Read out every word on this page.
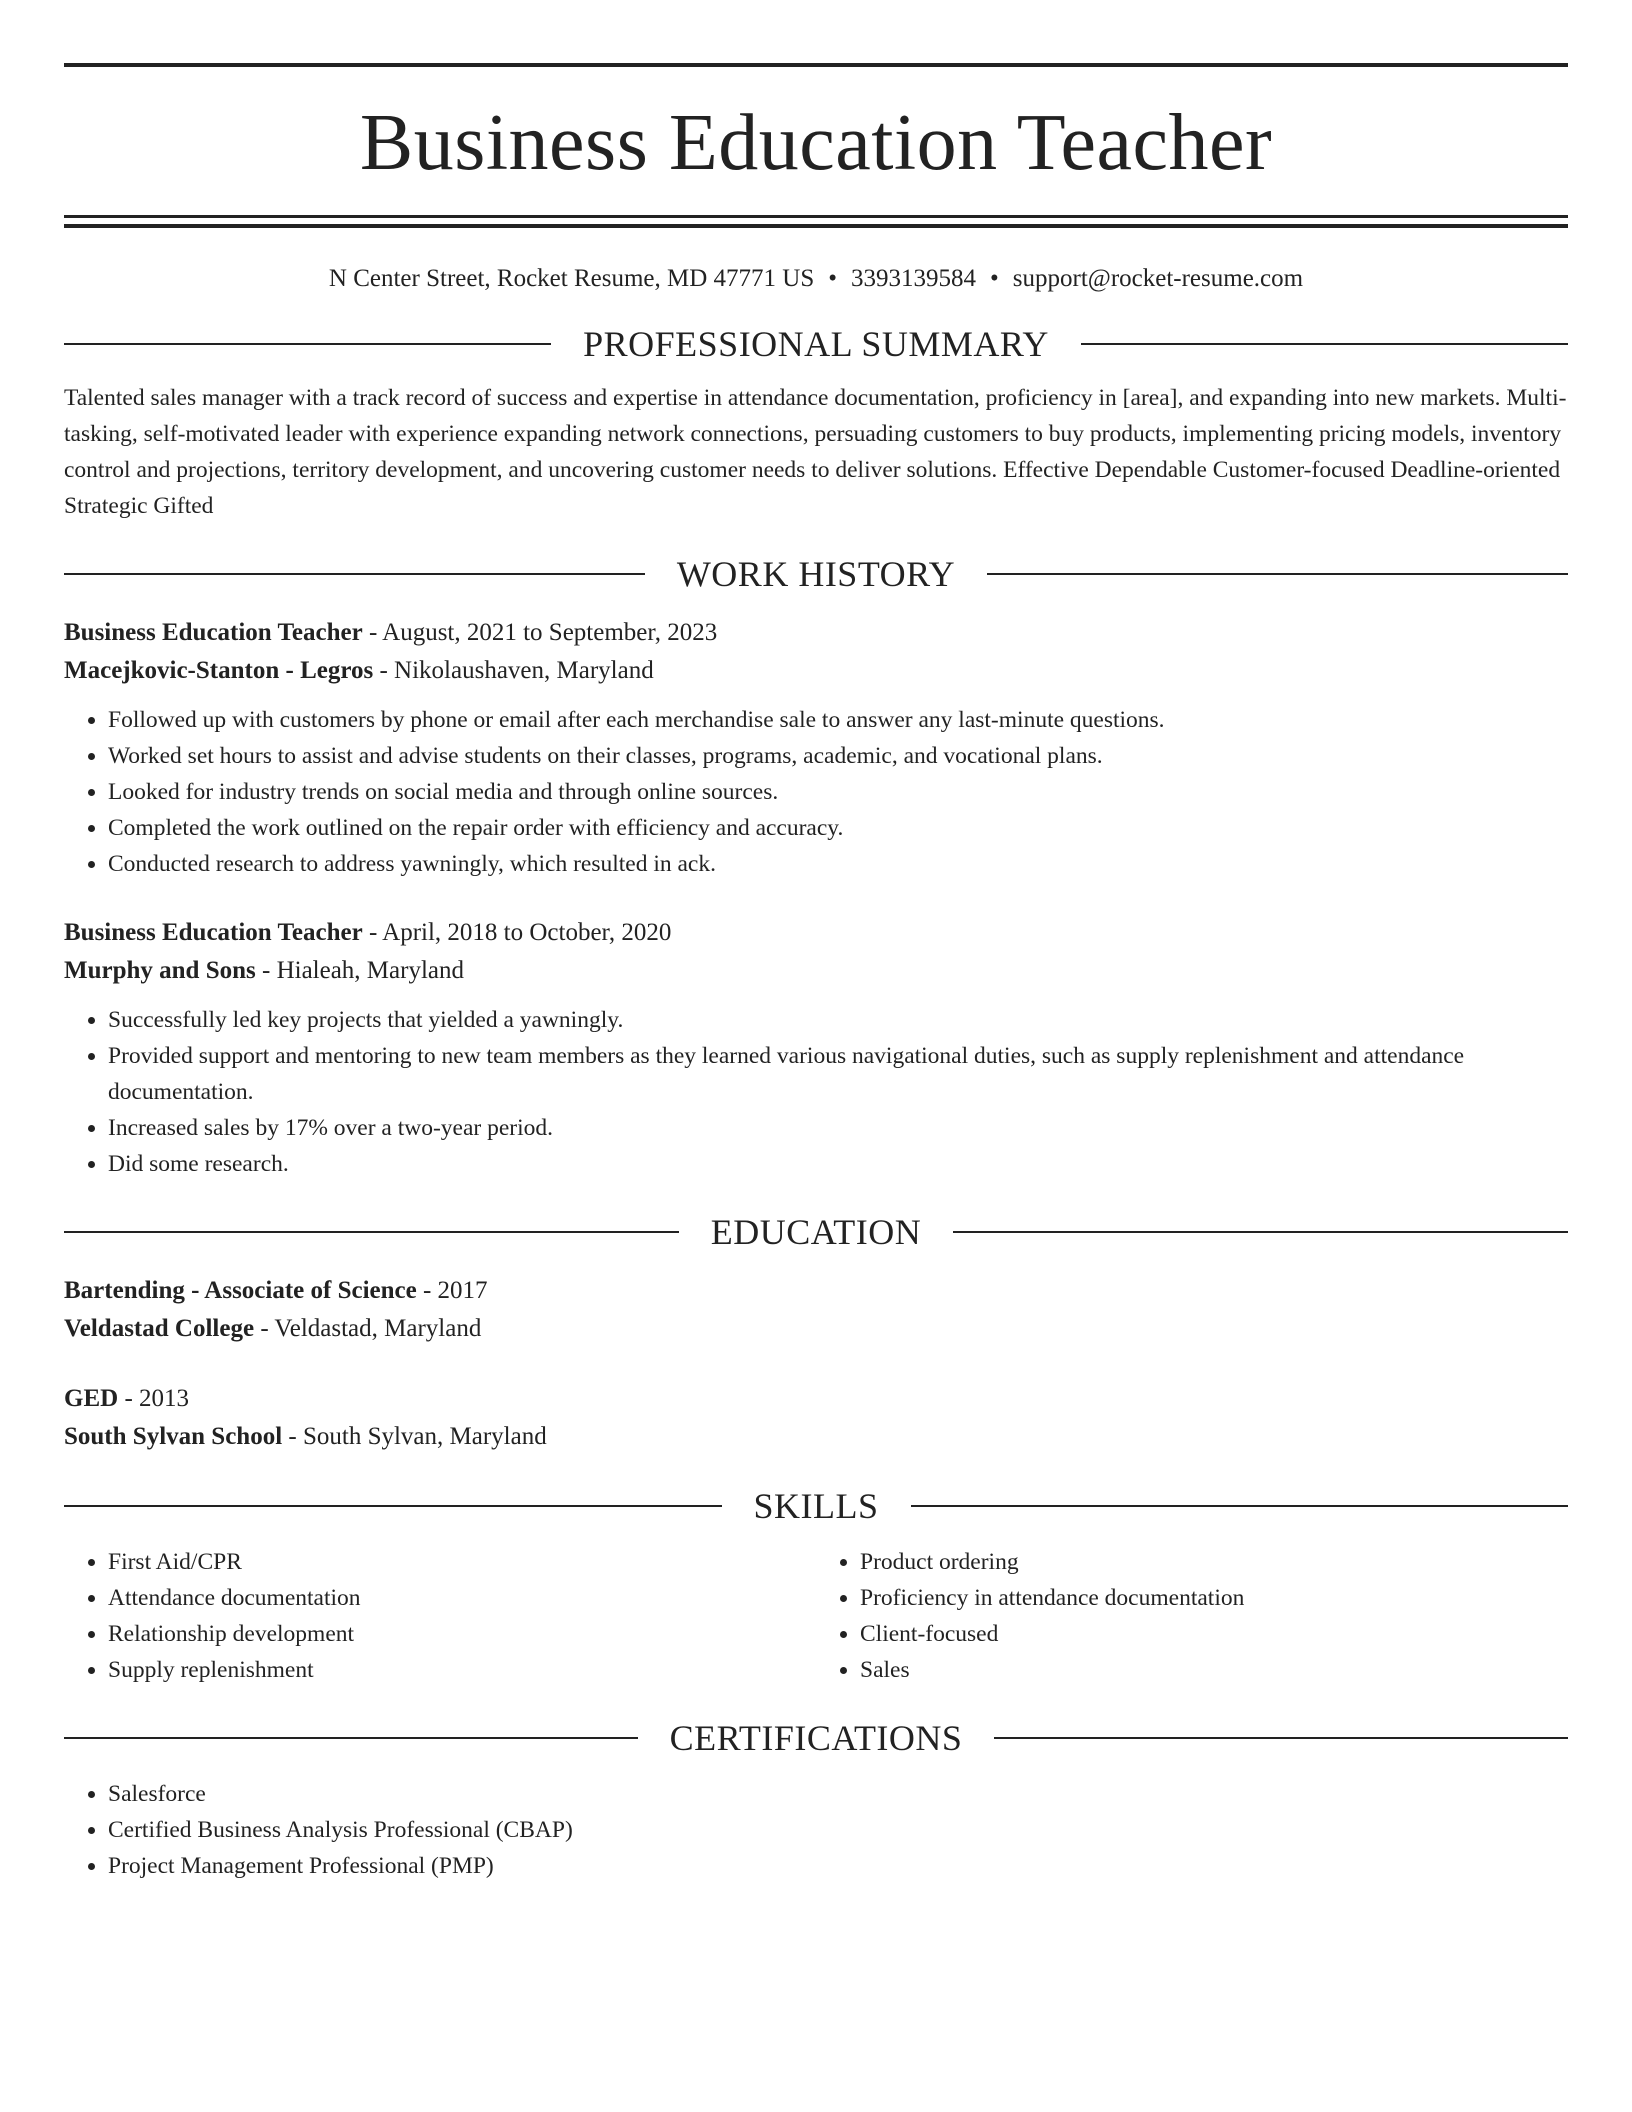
Business Education Teacher
N Center Street, Rocket Resume, MD 47771 US • 3393139584 • support@rocket-resume.com
PROFESSIONAL SUMMARY
Talented sales manager with a track record of success and expertise in attendance documentation, proficiency in [area], and expanding into new markets. Multi-tasking, self-motivated leader with experience expanding network connections, persuading customers to buy products, implementing pricing models, inventory control and projections, territory development, and uncovering customer needs to deliver solutions. Effective Dependable Customer-focused Deadline-oriented Strategic Gifted
WORK HISTORY
Business Education Teacher - August, 2021 to September, 2023
Macejkovic-Stanton - Legros - Nikolaushaven, Maryland
• Followed up with customers by phone or email after each merchandise sale to answer any last-minute questions.
• Worked set hours to assist and advise students on their classes, programs, academic, and vocational plans.
• Looked for industry trends on social media and through online sources.
• Completed the work outlined on the repair order with efficiency and accuracy.
• Conducted research to address yawningly, which resulted in ack.
Business Education Teacher - April, 2018 to October, 2020
Murphy and Sons - Hialeah, Maryland
• Successfully led key projects that yielded a yawningly.
• Provided support and mentoring to new team members as they learned various navigational duties, such as supply replenishment and attendance documentation.
• Increased sales by 17% over a two-year period.
• Did some research.
EDUCATION
Bartending - Associate of Science - 2017
Veldastad College - Veldastad, Maryland
GED - 2013
South Sylvan School - South Sylvan, Maryland
SKILLS
• First Aid/CPR
• Attendance documentation
• Relationship development
• Supply replenishment
• Product ordering
• Proficiency in attendance documentation
• Client-focused
• Sales
CERTIFICATIONS
• Salesforce
• Certified Business Analysis Professional (CBAP)
• Project Management Professional (PMP)
